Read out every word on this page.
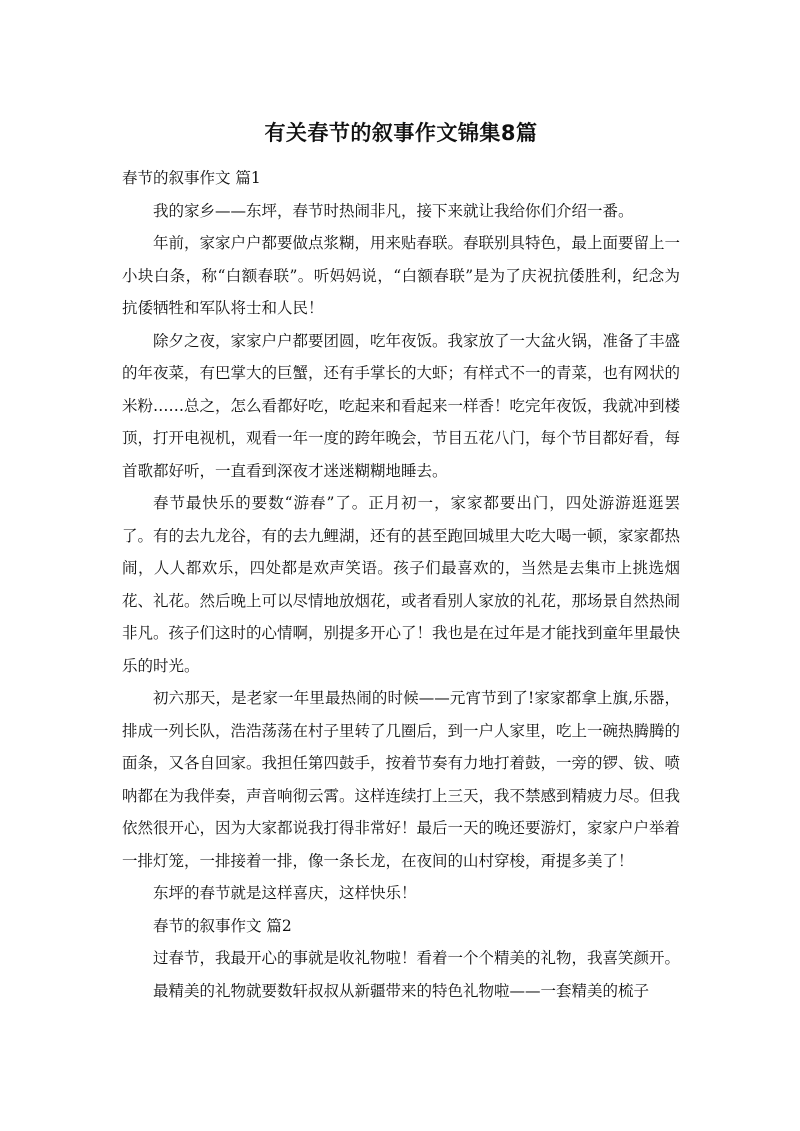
有关春节的叙事作文锦集8篇

春节的叙事作文 篇1

我的家乡——东坪，春节时热闹非凡，接下来就让我给你们介绍一番。

年前，家家户户都要做点浆糊，用来贴春联。春联别具特色，最上面要留上一小块白条，称“白额春联”。听妈妈说，“白额春联”是为了庆祝抗倭胜利，纪念为抗倭牺牲和军队将士和人民！

除夕之夜，家家户户都要团圆，吃年夜饭。我家放了一大盆火锅，准备了丰盛的年夜菜，有巴掌大的巨蟹，还有手掌长的大虾；有样式不一的青菜，也有网状的米粉……总之，怎么看都好吃，吃起来和看起来一样香！吃完年夜饭，我就冲到楼顶，打开电视机，观看一年一度的跨年晚会，节目五花八门，每个节目都好看，每首歌都好听，一直看到深夜才迷迷糊糊地睡去。

春节最快乐的要数“游春”了。正月初一，家家都要出门，四处游游逛逛罢了。有的去九龙谷，有的去九鲤湖，还有的甚至跑回城里大吃大喝一顿，家家都热闹，人人都欢乐，四处都是欢声笑语。孩子们最喜欢的，当然是去集市上挑选烟花、礼花。然后晚上可以尽情地放烟花，或者看别人家放的礼花，那场景自然热闹非凡。孩子们这时的心情啊，别提多开心了！我也是在过年是才能找到童年里最快乐的时光。

初六那天，是老家一年里最热闹的时候——元宵节到了!家家都拿上旗,乐器，排成一列长队，浩浩荡荡在村子里转了几圈后，到一户人家里，吃上一碗热腾腾的面条，又各自回家。我担任第四鼓手，按着节奏有力地打着鼓，一旁的锣、钹、喷呐都在为我伴奏，声音响彻云霄。这样连续打上三天，我不禁感到精疲力尽。但我依然很开心，因为大家都说我打得非常好！最后一天的晚还要游灯，家家户户举着一排灯笼，一排接着一排，像一条长龙，在夜间的山村穿梭，甭提多美了！

东坪的春节就是这样喜庆，这样快乐！

春节的叙事作文 篇2

过春节，我最开心的事就是收礼物啦！看着一个个精美的礼物，我喜笑颜开。

最精美的礼物就要数轩叔叔从新疆带来的特色礼物啦——一套精美的梳子
